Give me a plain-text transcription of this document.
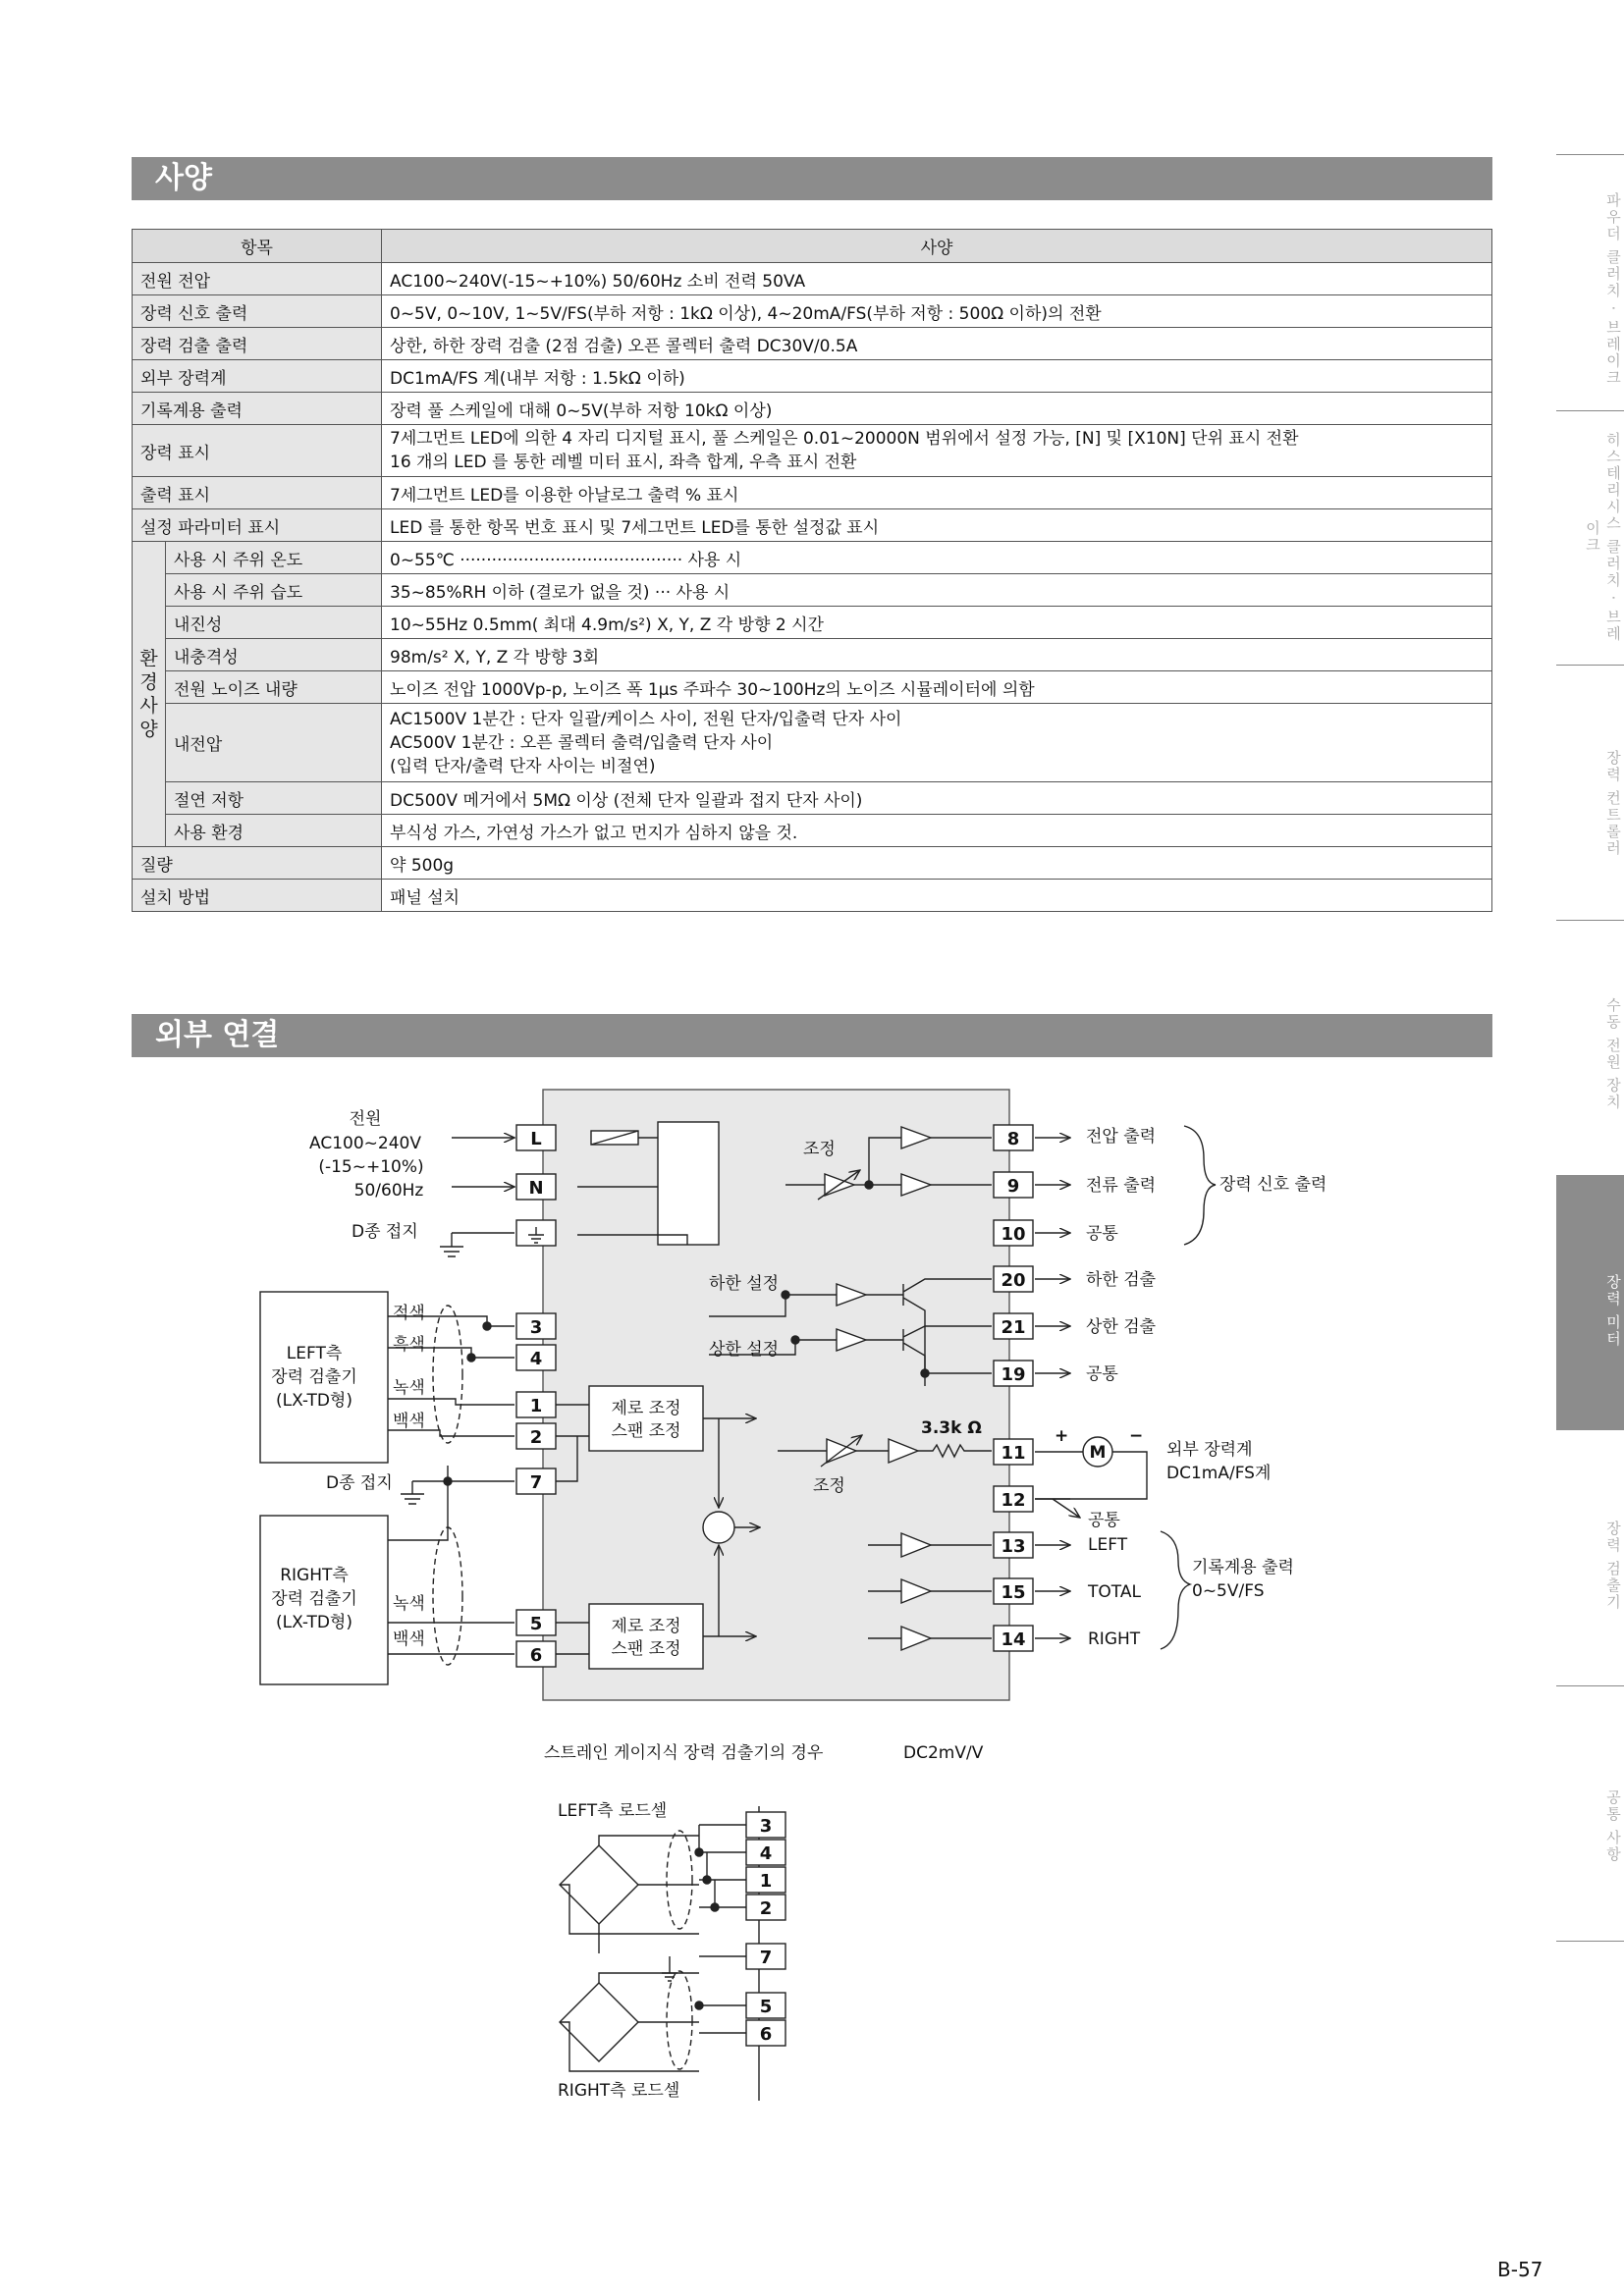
사양
항목		사양
전원 전압		AC100~240V(-15~+10%) 50/60Hz 소비 전력 50VA
장력 신호 출력		0~5V, 0~10V, 1~5V/FS(부하 저항 : 1kΩ 이상), 4~20mA/FS(부하 저항 : 500Ω 이하)의 전환
장력 검출 출력		상한, 하한 장력 검출 (2점 검출) 오픈 콜렉터 출력 DC30V/0.5A
외부 장력계		DC1mA/FS 계(내부 저항 : 1.5kΩ 이하)
기록계용 출력		장력 풀 스케일에 대해 0~5V(부하 저항 10kΩ 이상)
장력 표시		7세그먼트 LED에 의한 4 자리 디지털 표시, 풀 스케일은 0.01~20000N 범위에서 설정 가능, [N] 및 [X10N] 단위 표시 전환
16 개의 LED 를 통한 레벨 미터 표시, 좌측 합계, 우측 표시 전환

출력 표시		7세그먼트 LED를 이용한 아날로그 출력 % 표시
설정 파라미터 표시		LED 를 통한 항목 번호 표시 및 7세그먼트 LED를 통한 설정값 표시

환
경
사
양	사용 시 주위 온도	0~55℃ ·········································· 사용 시
	사용 시 주위 습도	35~85%RH 이하 (결로가 없을 것) ··· 사용 시
	내진성	10~55Hz 0.5mm( 최대 4.9m/s²) X, Y, Z 각 방향 2 시간
	내충격성	98m/s² X, Y, Z 각 방향 3회
	전원 노이즈 내량	노이즈 전압 1000Vp-p, 노이즈 폭 1μs 주파수 30~100Hz의 노이즈 시뮬레이터에 의함
	내전압	AC1500V 1분간 : 단자 일괄/케이스 사이, 전원 단자/입출력 단자 사이
AC500V 1분간 : 오픈 콜렉터 출력/입출력 단자 사이
(입력 단자/출력 단자 사이는 비절연)

	절연 저항	DC500V 메거에서 5MΩ 이상 (전체 단자 일괄과 접지 단자 사이)
	사용 환경	부식성 가스, 가연성 가스가 없고 먼지가 심하지 않을 것.
질량		약 500g
설치 방법		패널 설치
외부 연결
전원
AC100~240V
(-15~+10%)
50/60Hz
D종 접지
D종 접지
LEFT측
장력 검출기
(LX-TD형)
RIGHT측
장력 검출기
(LX-TD형)
적색
흑색
녹색
백색
녹색
백색
L
N
3
4
1
2
7
5
6
8
9
10
20
21
19
11
12
13
15
14
제로 조정
스팬 조정
제로 조정
스팬 조정
조정
조정
하한 설정
상한 설정
3.3k Ω
전압 출력
전류 출력
공통
장력 신호 출력
하한 검출
상한 검출
공통
+	−
M	외부 장력계
DC1mA/FS계
공통
LEFT
TOTAL
RIGHT
기록계용 출력
0~5V/FS
스트레인 게이지식 장력 검출기의 경우	DC2mV/V
LEFT측 로드셀
RIGHT측 로드셀
3
4
1
2
7
5
6
파우더 클러치 · 브레이크
히스테리시스 클러치 · 브레이크
장력 컨트롤러
수동 전원 장치
장력 미터
장력 검출기
공통 사항
B-57
